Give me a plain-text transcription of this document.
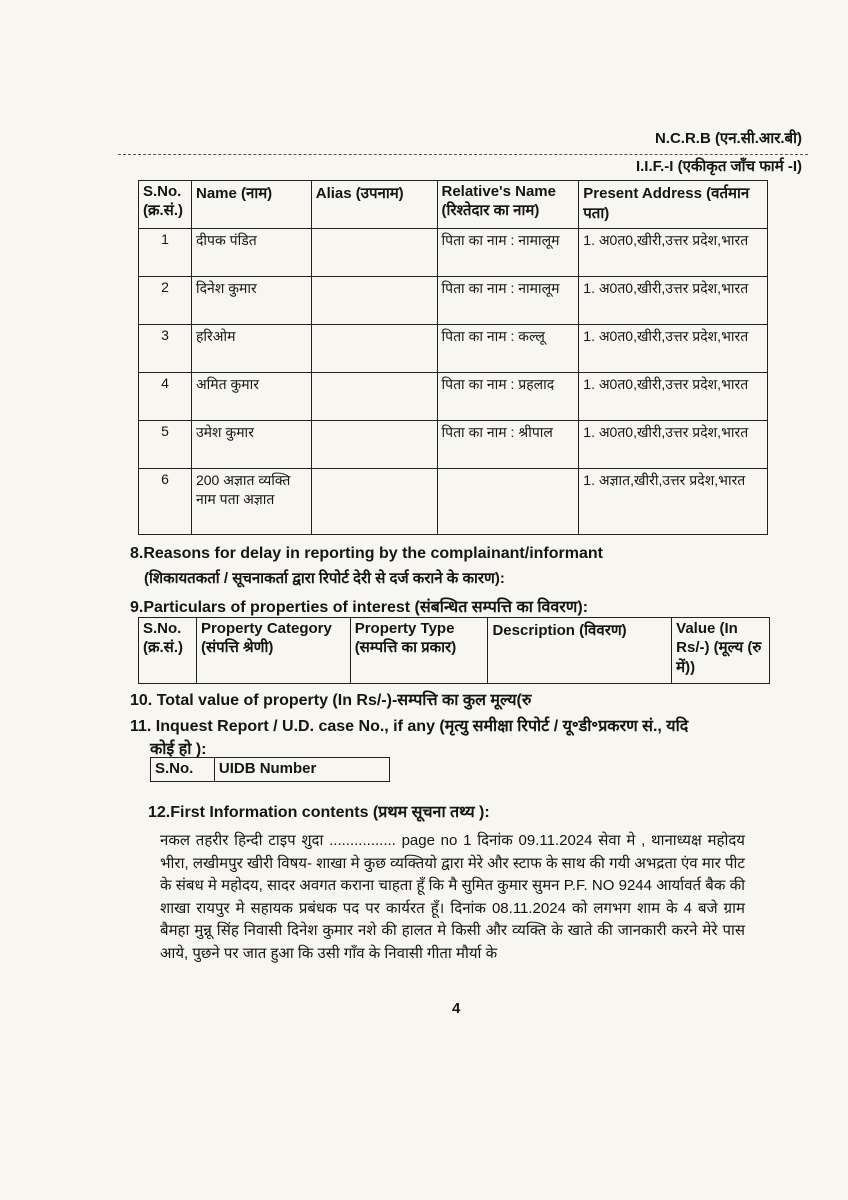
N.C.R.B (एन.सी.आर.बी)
I.I.F.-I (एकीकृत जाँच फार्म -I)
S.No. (क्र.सं.)	Name (नाम)	Alias (उपनाम)	Relative's Name (रिश्तेदार का नाम)	Present Address (वर्तमान पता)
1	दीपक पंडित		पिता का नाम : नामालूम	1. अ0त0,खीरी,उत्तर प्रदेश,भारत
2	दिनेश कुमार		पिता का नाम : नामालूम	1. अ0त0,खीरी,उत्तर प्रदेश,भारत
3	हरिओम		पिता का नाम : कल्लू	1. अ0त0,खीरी,उत्तर प्रदेश,भारत
4	अमित कुमार		पिता का नाम : प्रहलाद	1. अ0त0,खीरी,उत्तर प्रदेश,भारत
5	उमेश कुमार		पिता का नाम : श्रीपाल	1. अ0त0,खीरी,उत्तर प्रदेश,भारत
6	200 अज्ञात व्यक्ति नाम पता अज्ञात			1. अज्ञात,खीरी,उत्तर प्रदेश,भारत
8.Reasons for delay in reporting by the complainant/informant
(शिकायतकर्ता / सूचनाकर्ता द्वारा रिपोर्ट देरी से दर्ज कराने के कारण):
9.Particulars of properties of interest (संबन्धित सम्पत्ति का विवरण):
S.No. (क्र.सं.)	Property Category (संपत्ति श्रेणी)	Property Type (सम्पत्ति का प्रकार)	Description (विवरण)	Value (In Rs/-) (मूल्य (रु में))
10. Total value of property (In Rs/-)-सम्पत्ति का कुल मूल्य(रु
11. Inquest Report / U.D. case No., if any (मृत्यु समीक्षा रिपोर्ट / यू॰डी॰प्रकरण सं., यदि
कोई हो ):
S.No.	UIDB Number
12.First Information contents (प्रथम सूचना तथ्य ):
नकल तहरीर हिन्दी टाइप शुदा ................ page no 1 दिनांक 09.11.2024 सेवा मे , थानाध्यक्ष महोदय भीरा, लखीमपुर खीरी विषय- शाखा मे कुछ व्यक्तियो द्वारा मेरे और स्टाफ के साथ की गयी अभद्रता एंव मार पीट के संबध मे महोदय, सादर अवगत कराना चाहता हूँ कि मै सुमित कुमार सुमन P.F. NO 9244 आर्यावर्त बैक की शाखा रायपुर मे सहायक प्रबंधक पद पर कार्यरत हूँ। दिनांक 08.11.2024 को लगभग शाम के 4 बजे ग्राम बैमहा मुन्नू सिंह निवासी दिनेश कुमार नशे की हालत मे किसी और व्यक्ति के खाते की जानकारी करने मेरे पास आये, पुछने पर जात हुआ कि उसी गाँव के निवासी गीता मौर्या के
4
